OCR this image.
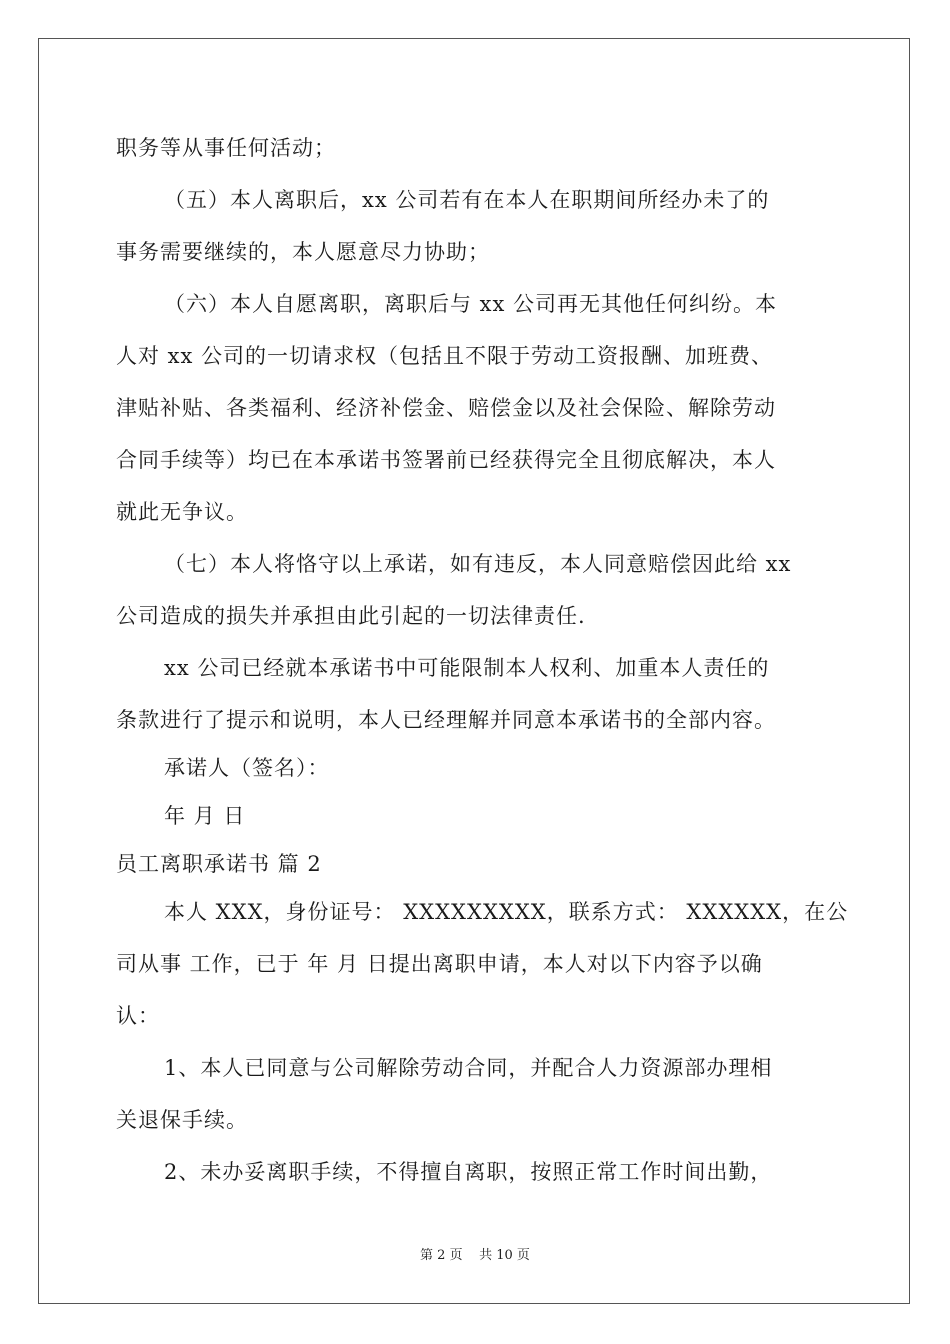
职务等从事任何活动；
（五）本人离职后，xx 公司若有在本人在职期间所经办未了的
事务需要继续的，本人愿意尽力协助；
（六）本人自愿离职，离职后与 xx 公司再无其他任何纠纷。本
人对 xx 公司的一切请求权（包括且不限于劳动工资报酬、加班费、
津贴补贴、各类福利、经济补偿金、赔偿金以及社会保险、解除劳动
合同手续等）均已在本承诺书签署前已经获得完全且彻底解决，本人
就此无争议。
（七）本人将恪守以上承诺，如有违反，本人同意赔偿因此给 xx
公司造成的损失并承担由此引起的一切法律责任.
xx 公司已经就本承诺书中可能限制本人权利、加重本人责任的
条款进行了提示和说明，本人已经理解并同意本承诺书的全部内容。
承诺人（签名）：
年 月 日
员工离职承诺书 篇 2
本人 XXX，身份证号： XXXXXXXXX，联系方式： XXXXXX，在公
司从事 工作，已于 年 月 日提出离职申请，本人对以下内容予以确
认：
1、本人已同意与公司解除劳动合同，并配合人力资源部办理相
关退保手续。
2、未办妥离职手续，不得擅自离职，按照正常工作时间出勤，
第 2 页 共 10 页
